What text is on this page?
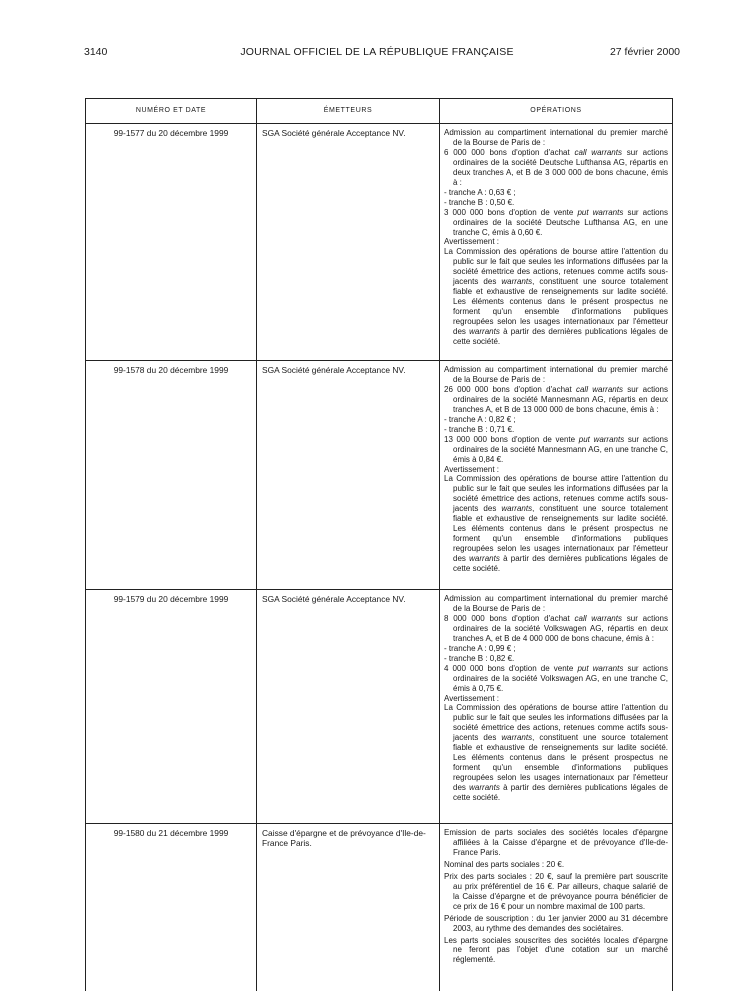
3140	JOURNAL OFFICIEL DE LA RÉPUBLIQUE FRANÇAISE	27 février 2000
NUMÉRO ET DATE	ÉMETTEURS	OPÉRATIONS
99-1577 du 20 décembre 1999	SGA Société générale Acceptance NV.	Admission au compartiment international du premier marché de la Bourse de Paris de :

6 000 000 bons d'option d'achat call warrants sur actions ordinaires de la société Deutsche Lufthansa AG, répartis en deux tranches A, et B de 3 000 000 de bons chacune, émis à :

- tranche A : 0,63 € ;

- tranche B : 0,50 €.

3 000 000 bons d'option de vente put warrants sur actions ordinaires de la société Deutsche Lufthansa AG, en une tranche C, émis à 0,60 €.

Avertissement :

La Commission des opérations de bourse attire l'attention du public sur le fait que seules les informations diffusées par la société émettrice des actions, retenues comme actifs sous-jacents des warrants, constituent une source totalement fiable et exhaustive de renseignements sur ladite société. Les éléments contenus dans le présent prospectus ne forment qu'un ensemble d'informations publiques regroupées selon les usages internationaux par l'émetteur des warrants à partir des dernières publications légales de cette société.

99-1578 du 20 décembre 1999	SGA Société générale Acceptance NV.	Admission au compartiment international du premier marché de la Bourse de Paris de :

26 000 000 bons d'option d'achat call warrants sur actions ordinaires de la société Mannesmann AG, répartis en deux tranches A, et B de 13 000 000 de bons chacune, émis à :

- tranche A : 0,82 € ;

- tranche B : 0,71 €.

13 000 000 bons d'option de vente put warrants sur actions ordinaires de la société Mannesmann AG, en une tranche C, émis à 0,84 €.

Avertissement :

La Commission des opérations de bourse attire l'attention du public sur le fait que seules les informations diffusées par la société émettrice des actions, retenues comme actifs sous-jacents des warrants, constituent une source totalement fiable et exhaustive de renseignements sur ladite société. Les éléments contenus dans le présent prospectus ne forment qu'un ensemble d'informations publiques regroupées selon les usages internationaux par l'émetteur des warrants à partir des dernières publications légales de cette société.

99-1579 du 20 décembre 1999	SGA Société générale Acceptance NV.	Admission au compartiment international du premier marché de la Bourse de Paris de :

8 000 000 bons d'option d'achat call warrants sur actions ordinaires de la société Volkswagen AG, répartis en deux tranches A, et B de 4 000 000 de bons chacune, émis à :

- tranche A : 0,99 € ;

- tranche B : 0,82 €.

4 000 000 bons d'option de vente put warrants sur actions ordinaires de la société Volkswagen AG, en une tranche C, émis à 0,75 €.

Avertissement :

La Commission des opérations de bourse attire l'attention du public sur le fait que seules les informations diffusées par la société émettrice des actions, retenues comme actifs sous-jacents des warrants, constituent une source totalement fiable et exhaustive de renseignements sur ladite société. Les éléments contenus dans le présent prospectus ne forment qu'un ensemble d'informations publiques regroupées selon les usages internationaux par l'émetteur des warrants à partir des dernières publications légales de cette société.

99-1580 du 21 décembre 1999	Caisse d'épargne et de prévoyance d'Ile-de-France Paris.

Emission de parts sociales des sociétés locales d'épargne affiliées à la Caisse d'épargne et de prévoyance d'Ile-de-France Paris.

Nominal des parts sociales : 20 €.

Prix des parts sociales : 20 €, sauf la première part souscrite au prix préférentiel de 16 €. Par ailleurs, chaque salarié de la Caisse d'épargne et de prévoyance pourra bénéficier de ce prix de 16 € pour un nombre maximal de 100 parts.

Période de souscription : du 1er janvier 2000 au 31 décembre 2003, au rythme des demandes des sociétaires.

Les parts sociales souscrites des sociétés locales d'épargne ne feront pas l'objet d'une cotation sur un marché réglementé.
